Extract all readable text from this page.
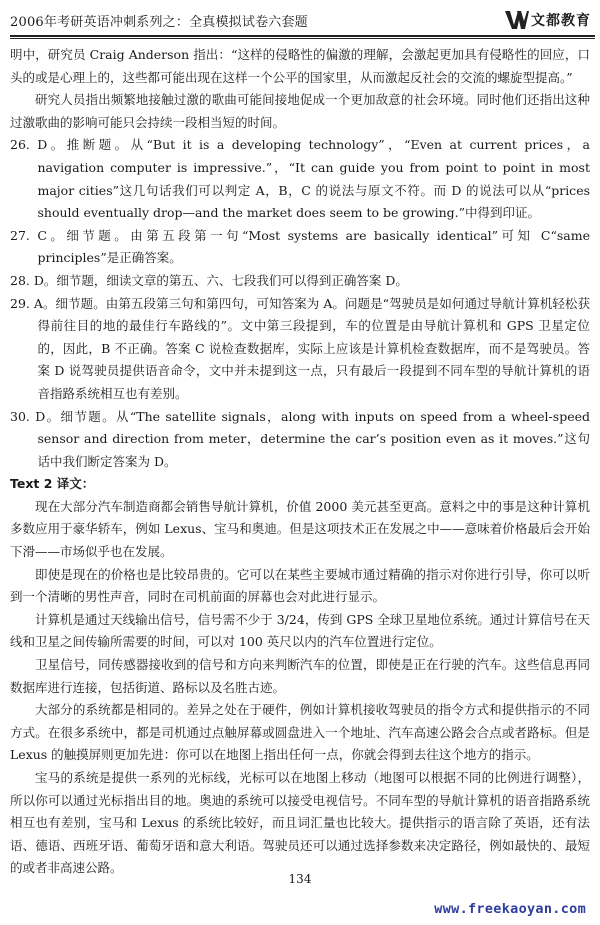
2006年考研英语冲刺系列之：全真模拟试卷六套题	文都教育

明中，研究员 Craig Anderson 指出：“这样的侵略性的偏激的理解，会激起更加具有侵略性的回应，口头的或是心理上的，这些都可能出现在这样一个公平的国家里，从而激起反社会的交流的螺旋型提高。”

研究人员指出频繁地接触过激的歌曲可能间接地促成一个更加敌意的社会环境。同时他们还指出这种过激歌曲的影响可能只会持续一段相当短的时间。

26. D。推断题。从“But it is a developing technology”，“Even at current prices，a navigation computer is impressive.”，“It can guide you from point to point in most major cities”这几句话我们可以判定 A，B，C 的说法与原文不符。而 D 的说法可以从“prices should eventually drop—and the market does seem to be growing.”中得到印证。

27. C。细节题。由第五段第一句“Most systems are basically identical”可知 C“same principles”是正确答案。

28. D。细节题，细读文章的第五、六、七段我们可以得到正确答案 D。

29. A。细节题。由第五段第三句和第四句，可知答案为 A。问题是“驾驶员是如何通过导航计算机轻松获得前往目的地的最佳行车路线的”。文中第三段提到，车的位置是由导航计算机和 GPS 卫星定位的，因此，B 不正确。答案 C 说检查数据库，实际上应该是计算机检查数据库，而不是驾驶员。答案 D 说驾驶员提供语音命令，文中并未提到这一点，只有最后一段提到不同车型的导航计算机的语音指路系统相互也有差别。

30. D。细节题。从“The satellite signals，along with inputs on speed from a wheel-speed sensor and direction from meter，determine the car’s position even as it moves.”这句话中我们断定答案为 D。

Text 2 译文：

现在大部分汽车制造商都会销售导航计算机，价值 2000 美元甚至更高。意料之中的事是这种计算机多数应用于豪华轿车，例如 Lexus、宝马和奥迪。但是这项技术正在发展之中——意味着价格最后会开始下滑——市场似乎也在发展。

即使是现在的价格也是比较昂贵的。它可以在某些主要城市通过精确的指示对你进行引导，你可以听到一个清晰的男性声音，同时在司机前面的屏幕也会对此进行显示。

计算机是通过天线输出信号，信号需不少于 3/24，传到 GPS 全球卫星地位系统。通过计算信号在天线和卫星之间传输所需要的时间，可以对 100 英尺以内的汽车位置进行定位。

卫星信号，同传感器接收到的信号和方向来判断汽车的位置，即使是正在行驶的汽车。这些信息再同数据库进行连接，包括街道、路标以及名胜古迹。

大部分的系统都是相同的。差异之处在于硬件，例如计算机接收驾驶员的指令方式和提供指示的不同方式。在很多系统中，都是司机通过点触屏幕或圆盘进入一个地址、汽车高速公路会合点或者路标。但是 Lexus 的触摸屏则更加先进：你可以在地图上指出任何一点，你就会得到去往这个地方的指示。

宝马的系统是提供一系列的光标线，光标可以在地图上移动（地图可以根据不同的比例进行调整），所以你可以通过光标指出目的地。奥迪的系统可以接受电视信号。不同车型的导航计算机的语音指路系统相互也有差别，宝马和 Lexus 的系统比较好，而且词汇量也比较大。提供指示的语言除了英语，还有法语、德语、西班牙语、葡萄牙语和意大利语。驾驶员还可以通过选择参数来决定路径，例如最快的、最短的或者非高速公路。

134
www.freekaoyan.com
